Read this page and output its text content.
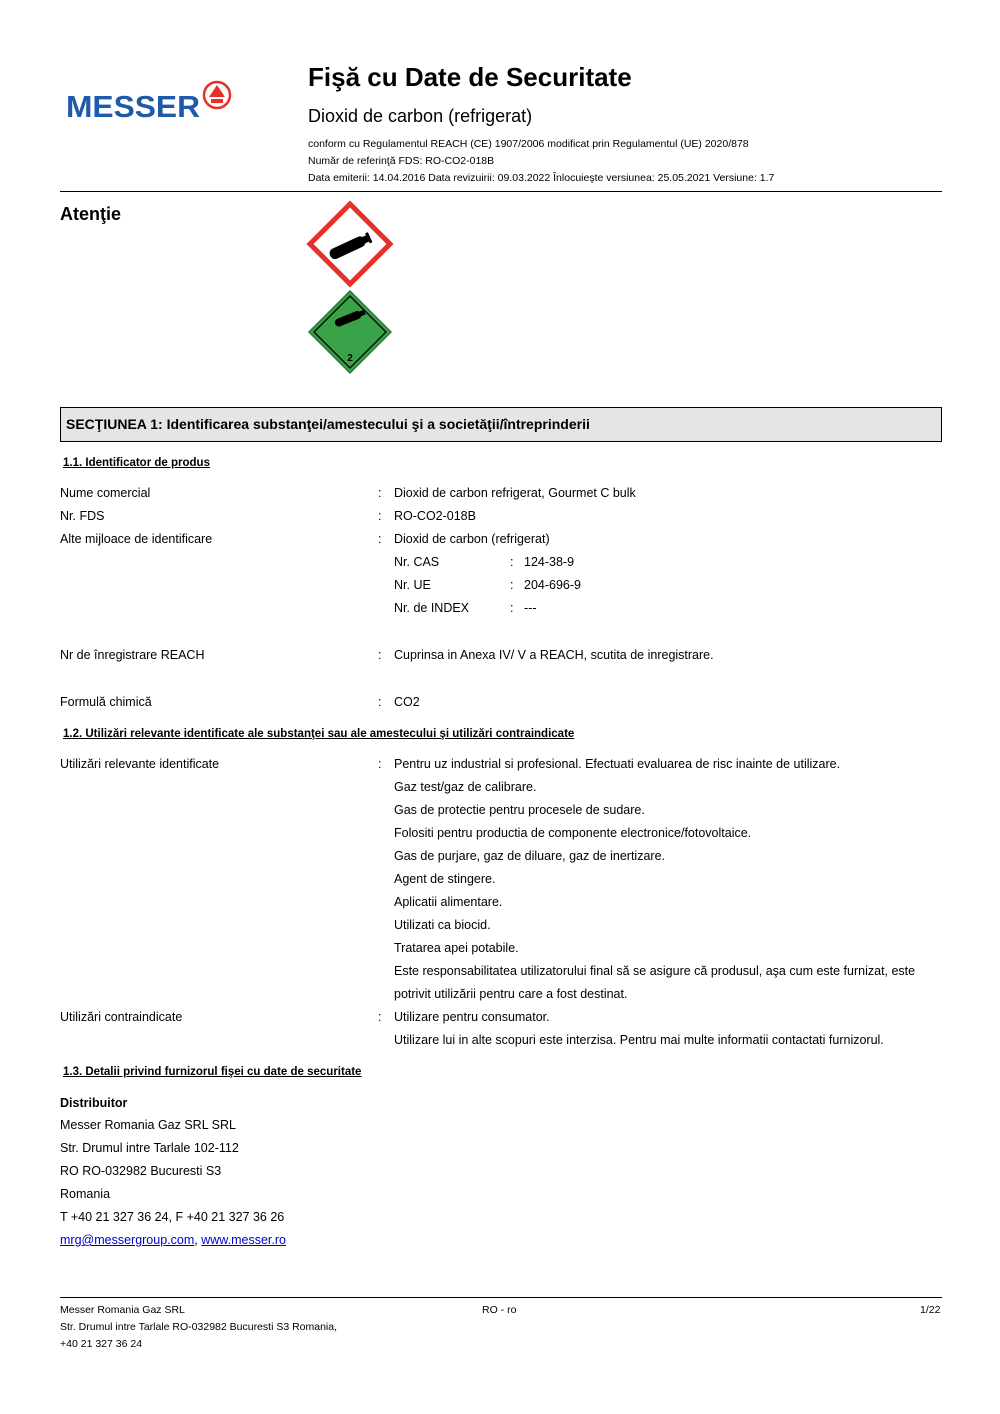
MESSER
Fişă cu Date de Securitate
Dioxid de carbon (refrigerat)
conform cu Regulamentul REACH (CE) 1907/2006 modificat prin Regulamentul (UE) 2020/878
Număr de referinţă FDS: RO-CO2-018B
Data emiterii: 14.04.2016 Data revizuirii: 09.03.2022 Înlocuieşte versiunea: 25.05.2021 Versiune: 1.7
Atenţie
2
SECŢIUNEA 1: Identificarea substanţei/amestecului şi a societăţii/întreprinderii
1.1. Identificator de produs
Nume comercial	: Dioxid de carbon refrigerat, Gourmet C bulk
Nr. FDS	: RO-CO2-018B
Alte mijloace de identificare	: Dioxid de carbon (refrigerat)
Nr. CAS	: 124-38-9
Nr. UE	: 204-696-9
Nr. de INDEX	: ---
Nr de înregistrare REACH	: Cuprinsa in Anexa IV/ V a REACH, scutita de inregistrare.
Formulă chimică	: CO2
1.2. Utilizări relevante identificate ale substanţei sau ale amestecului şi utilizări contraindicate
Utilizări relevante identificate	: Pentru uz industrial si profesional. Efectuati evaluarea de risc inainte de utilizare.
Gaz test/gaz de calibrare.
Gas de protectie pentru procesele de sudare.
Folositi pentru productia de componente electronice/fotovoltaice.
Gas de purjare, gaz de diluare, gaz de inertizare.
Agent de stingere.
Aplicatii alimentare.
Utilizati ca biocid.
Tratarea apei potabile.
Este responsabilitatea utilizatorului final să se asigure că produsul, aşa cum este furnizat, este
potrivit utilizării pentru care a fost destinat.
Utilizări contraindicate	: Utilizare pentru consumator.
Utilizare lui in alte scopuri este interzisa. Pentru mai multe informatii contactati furnizorul.
1.3. Detalii privind furnizorul fişei cu date de securitate
Distribuitor
Messer Romania Gaz SRL SRL
Str. Drumul intre Tarlale 102-112
RO RO-032982 Bucuresti S3
Romania
T +40 21 327 36 24, F +40 21 327 36 26
mrg@messergroup.com, www.messer.ro
Messer Romania Gaz SRL
Str. Drumul intre Tarlale RO-032982 Bucuresti S3 Romania,
+40 21 327 36 24
RO - ro	1/22
